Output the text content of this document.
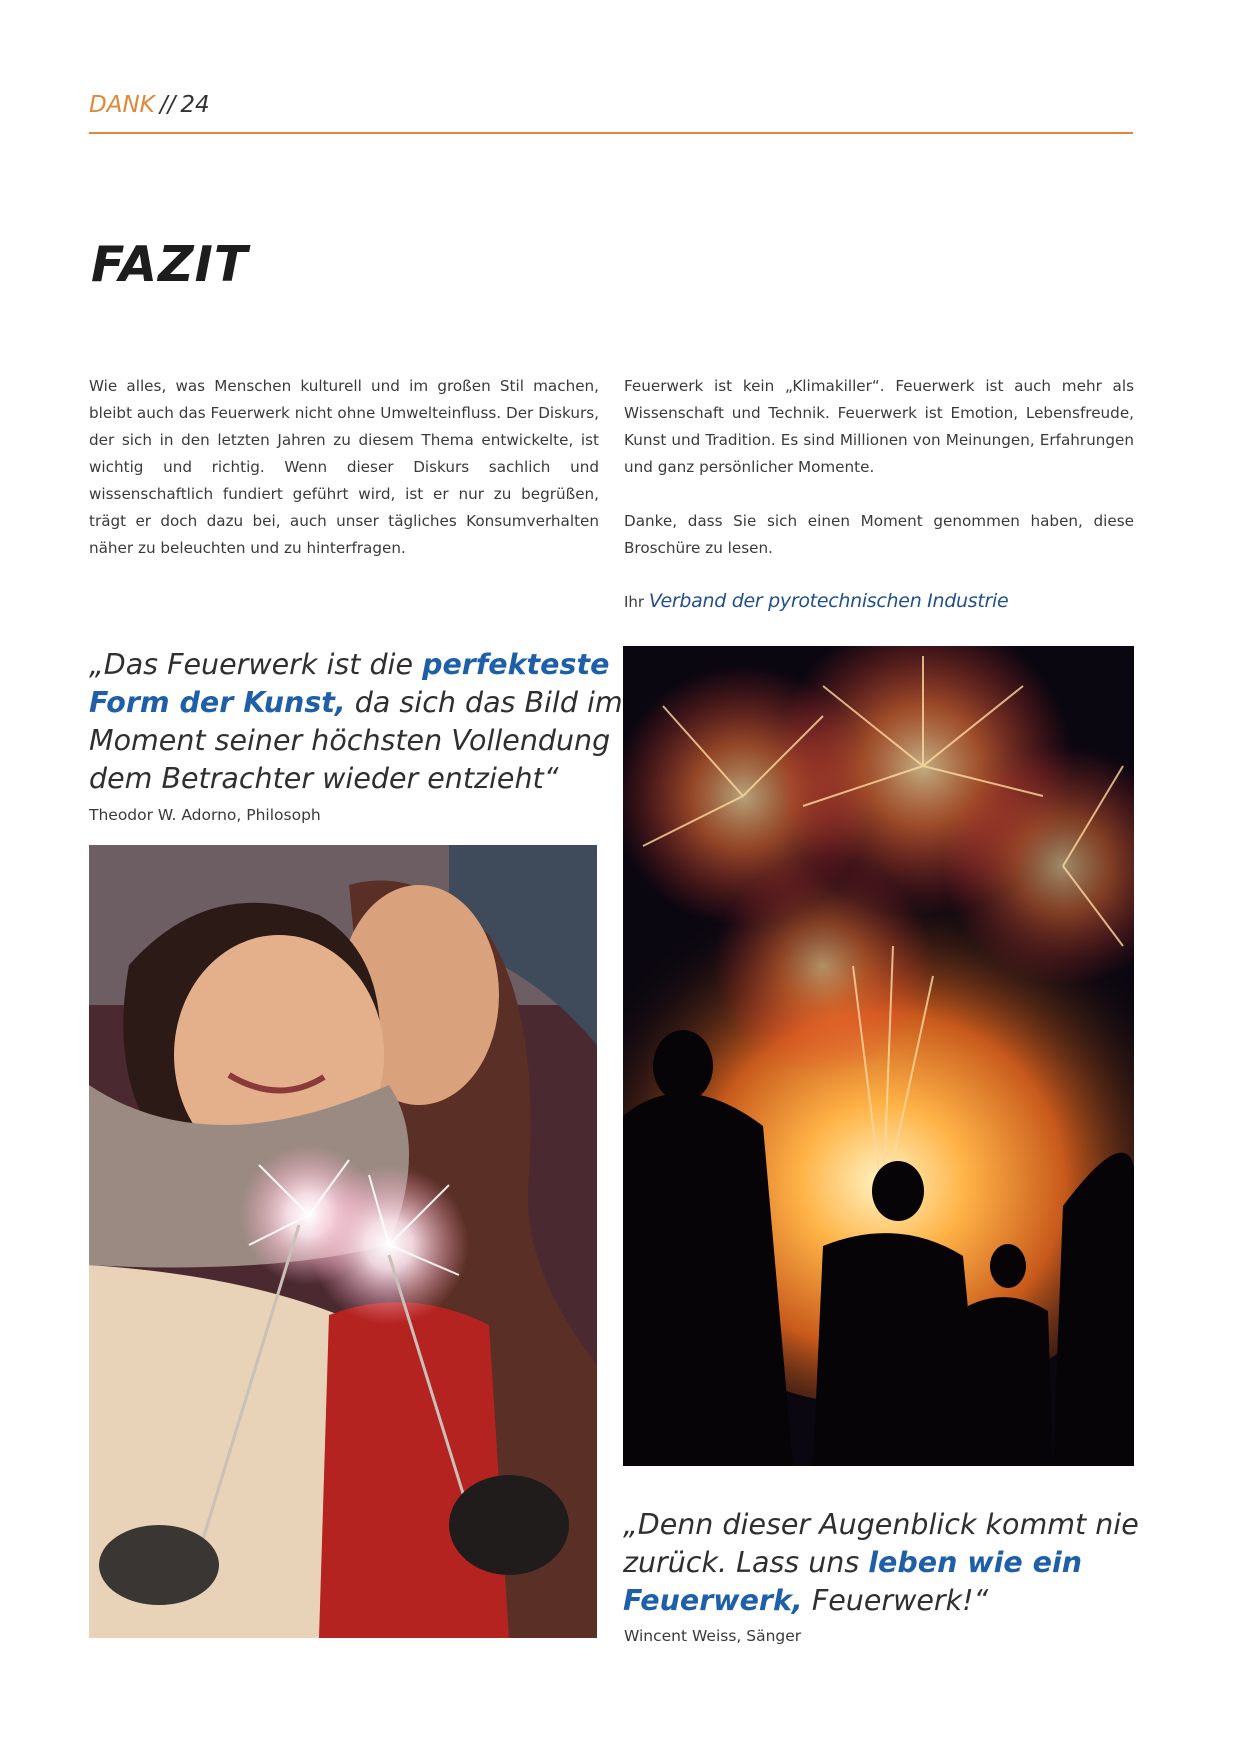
DANK // 24
FAZIT

Wie alles, was Menschen kulturell und im großen Stil machen, bleibt auch das Feuerwerk nicht ohne Umwelteinfluss. Der Diskurs, der sich in den letzten Jahren zu diesem Thema entwickelte, ist wichtig und richtig. Wenn dieser Diskurs sachlich und wissenschaftlich fundiert geführt wird, ist er nur zu begrüßen, trägt er doch dazu bei, auch unser tägliches Konsumverhalten näher zu beleuchten und zu hinterfragen.

Feuerwerk ist kein „Klimakiller“. Feuerwerk ist auch mehr als Wissenschaft und Technik. Feuerwerk ist Emotion, Lebensfreude, Kunst und Tradition. Es sind Millionen von Meinungen, Erfahrungen und ganz persönlicher Momente.

Danke, dass Sie sich einen Moment genommen haben, diese Broschüre zu lesen.

Ihr Verband der pyrotechnischen Industrie

„Das Feuerwerk ist die perfekteste Form der Kunst, da sich das Bild im Moment seiner höchsten Vollendung dem Betrachter wieder entzieht“

Theodor W. Adorno, Philosoph

„Denn dieser Augenblick kommt nie zurück. Lass uns leben wie ein Feuerwerk, Feuerwerk!“

Wincent Weiss, Sänger
